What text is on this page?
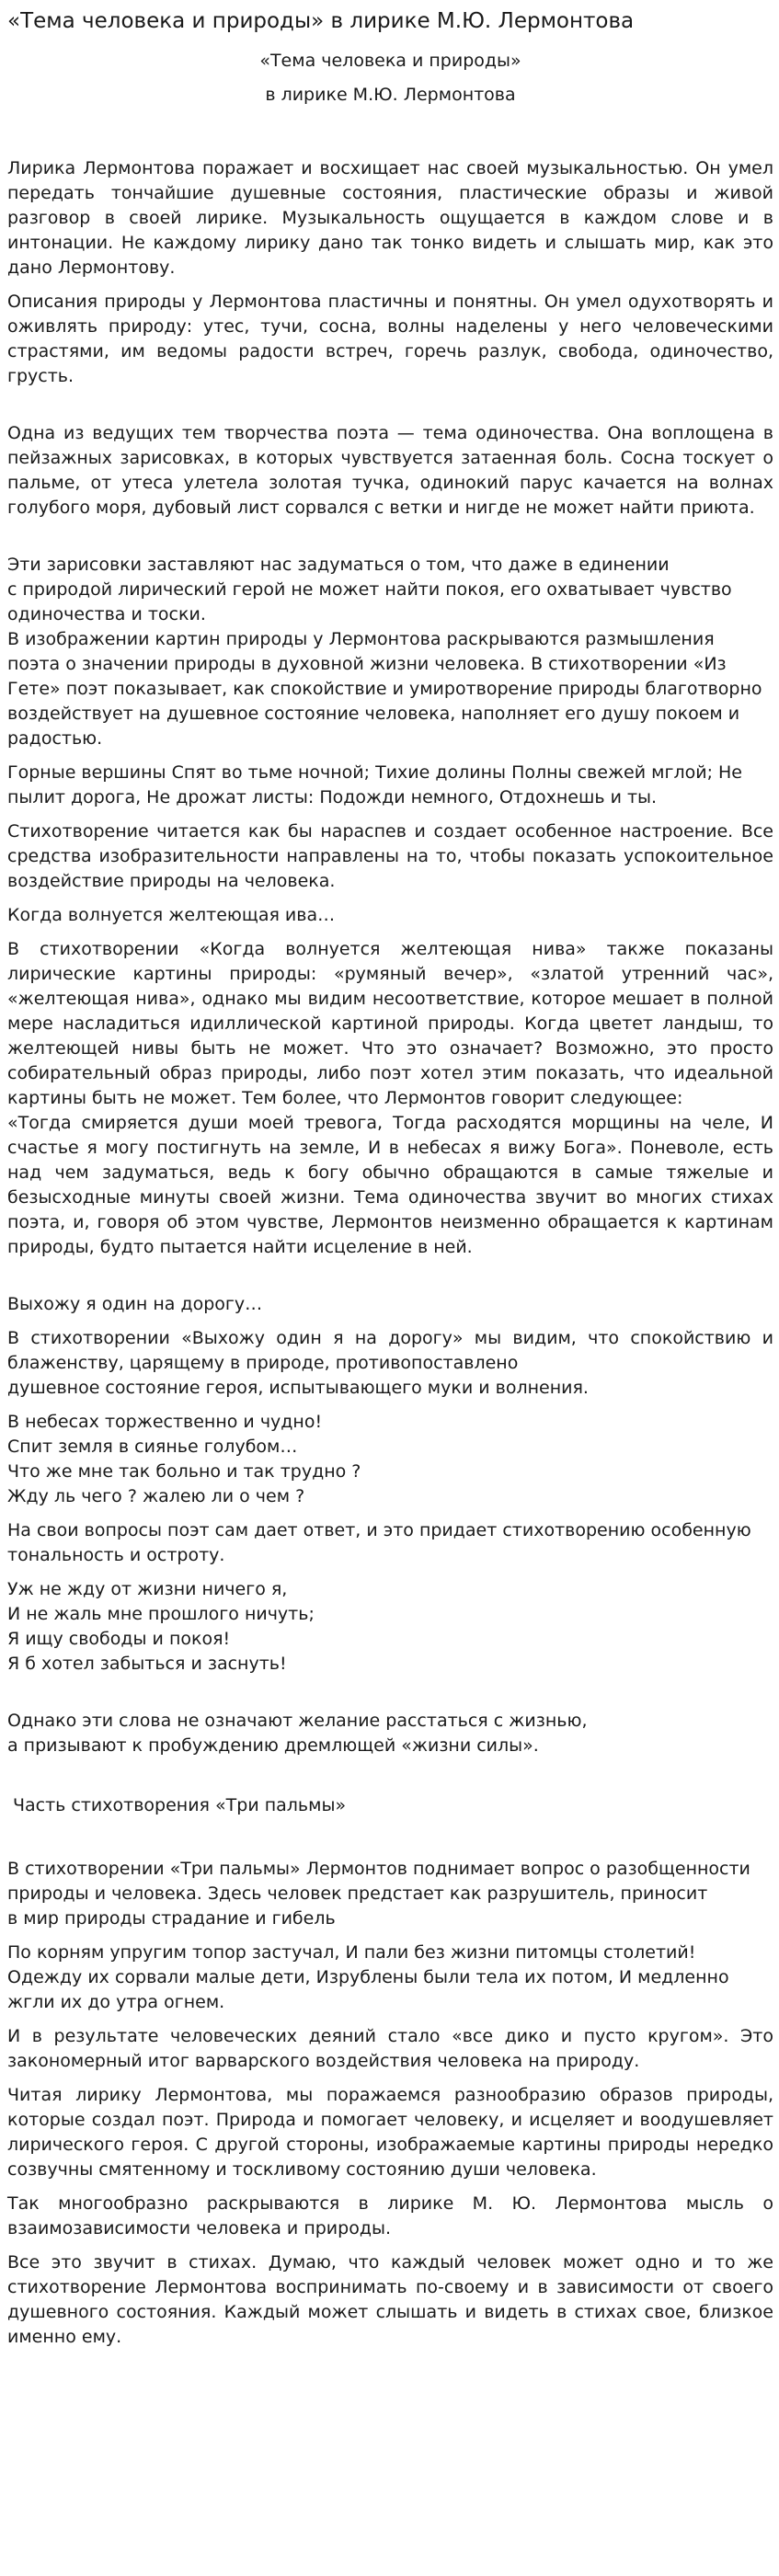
«Тема человека и природы» в лирике М.Ю. Лермонтова

«Тема человека и природы»

в лирике М.Ю. Лермонтова

Лирика Лермонтова поражает и восхищает нас своей музыкальностью. Он умел передать тончайшие душевные состояния, пластические образы и живой разговор в своей лирике. Музыкальность ощущается в каждом слове и в интонации. Не каждому лирику дано так тонко видеть и слышать мир, как это дано Лермонтову.

Описания природы у Лермонтова пластичны и понятны. Он умел одухотворять и оживлять природу: утес, тучи, сосна, волны наделены у него человеческими страстями, им ведомы радости встреч, горечь разлук, свобода, одиночество, грусть.

Одна из ведущих тем творчества поэта — тема одиночества. Она воплощена в пейзажных зарисовках, в которых чувствуется затаенная боль. Сосна тоскует о пальме, от утеса улетела золотая тучка, одинокий парус качается на волнах голубого моря, дубовый лист сорвался с ветки и нигде не может найти приюта.

Эти зарисовки заставляют нас задуматься о том, что даже в единении
с природой лирический герой не может найти покоя, его охватывает чувство
одиночества и тоски.

В изображении картин природы у Лермонтова раскрываются размышления
поэта о значении природы в духовной жизни человека. В стихотворении «Из
Гете» поэт показывает, как спокойствие и умиротворение природы благотворно
воздействует на душевное состояние человека, наполняет его душу покоем и
радостью.

Горные вершины Спят во тьме ночной; Тихие долины Полны свежей мглой; Не пылит дорога, Не дрожат листы: Подожди немного, Отдохнешь и ты.

Стихотворение читается как бы нараспев и создает особенное настроение. Все средства изобразительности направлены на то, чтобы показать успокоительное воздействие природы на человека.

Когда волнуется желтеющая ива…

В стихотворении «Когда волнуется желтеющая нива» также показаны лирические картины природы: «румяный вечер», «златой утренний час», «желтеющая нива», однако мы видим несоответствие, которое мешает в полной мере насладиться идиллической картиной природы. Когда цветет ландыш, то желтеющей нивы быть не может. Что это означает? Возможно, это просто собирательный образ природы, либо поэт хотел этим показать, что идеальной картины быть не может. Тем более, что Лермонтов говорит следующее:

«Тогда смиряется души моей тревога, Тогда расходятся морщины на челе, И счастье я могу постигнуть на земле, И в небесах я вижу Бога». Поневоле, есть над чем задуматься, ведь к богу обычно обращаются в самые тяжелые и безысходные минуты своей жизни. Тема одиночества звучит во многих стихах поэта, и, говоря об этом чувстве, Лермонтов неизменно обращается к картинам природы, будто пытается найти исцеление в ней.

Выхожу я один на дорогу…

В стихотворении «Выхожу один я на дорогу» мы видим, что спокойствию и блаженству, царящему в природе, противопоставлено
душевное состояние героя, испытывающего муки и волнения.

В небесах торжественно и чудно!
Спит земля в сиянье голубом…
Что же мне так больно и так трудно ?
Жду ль чего ? жалею ли о чем ?

На свои вопросы поэт сам дает ответ, и это придает стихотворению особенную тональность и остроту.

Уж не жду от жизни ничего я,
И не жаль мне прошлого ничуть;
Я ищу свободы и покоя!
Я б хотел забыться и заснуть!

Однако эти слова не означают желание расстаться с жизнью,
а призывают к пробуждению дремлющей «жизни силы».

Часть стихотворения «Три пальмы»

В стихотворении «Три пальмы» Лермонтов поднимает вопрос о разобщенности
природы и человека. Здесь человек предстает как разрушитель, приносит
в мир природы страдание и гибель

По корням упругим топор застучал, И пали без жизни питомцы столетий! Одежду их сорвали малые дети, Изрублены были тела их потом, И медленно жгли их до утра огнем.

И в результате человеческих деяний стало «все дико и пусто кругом». Это закономерный итог варварского воздействия человека на природу.

Читая лирику Лермонтова, мы поражаемся разнообразию образов природы, которые создал поэт. Природа и помогает человеку, и исцеляет и воодушевляет лирического героя. С другой стороны, изображаемые картины природы нередко созвучны смятенному и тоскливому состоянию души человека.

Так многообразно раскрываются в лирике М. Ю. Лермонтова мысль о взаимозависимости человека и природы.

Все это звучит в стихах. Думаю, что каждый человек может одно и то же стихотворение Лермонтова воспринимать по-своему и в зависимости от своего душевного состояния. Каждый может слышать и видеть в стихах свое, близкое именно ему.
